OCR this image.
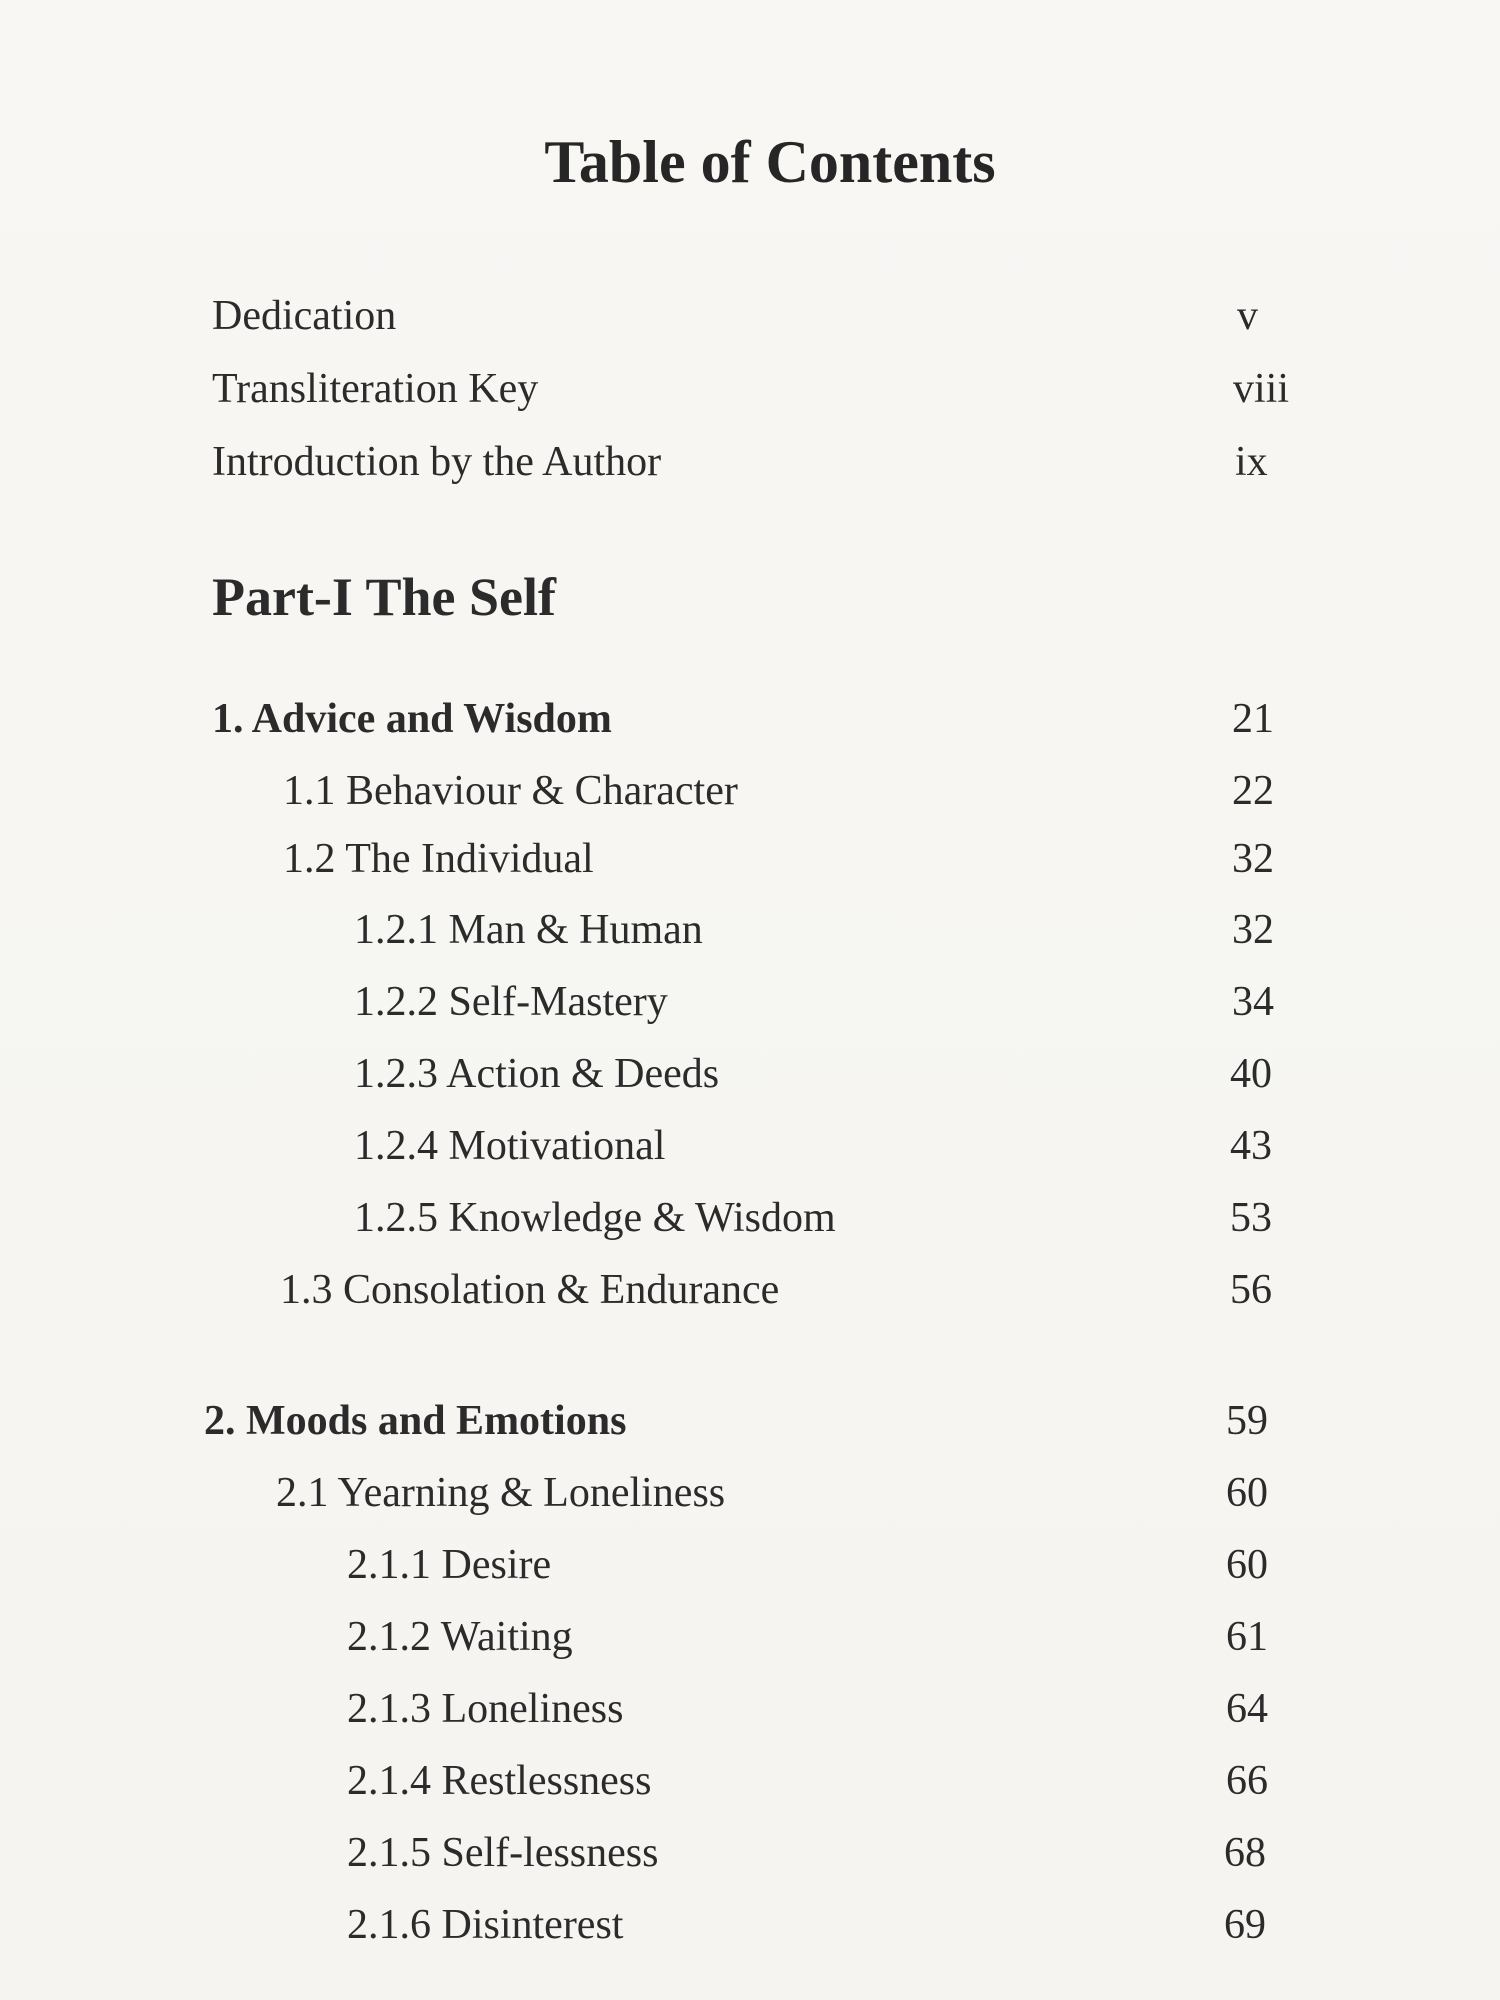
Table of Contents
Dedication	v
Transliteration Key	viii
Introduction by the Author	ix
Part-I The Self
1. Advice and Wisdom	21
1.1 Behaviour & Character	22
1.2 The Individual	32
1.2.1 Man & Human	32
1.2.2 Self-Mastery	34
1.2.3 Action & Deeds	40
1.2.4 Motivational	43
1.2.5 Knowledge & Wisdom	53
1.3 Consolation & Endurance	56
2. Moods and Emotions	59
2.1 Yearning & Loneliness	60
2.1.1 Desire	60
2.1.2 Waiting	61
2.1.3 Loneliness	64
2.1.4 Restlessness	66
2.1.5 Self-lessness	68
2.1.6 Disinterest	69
